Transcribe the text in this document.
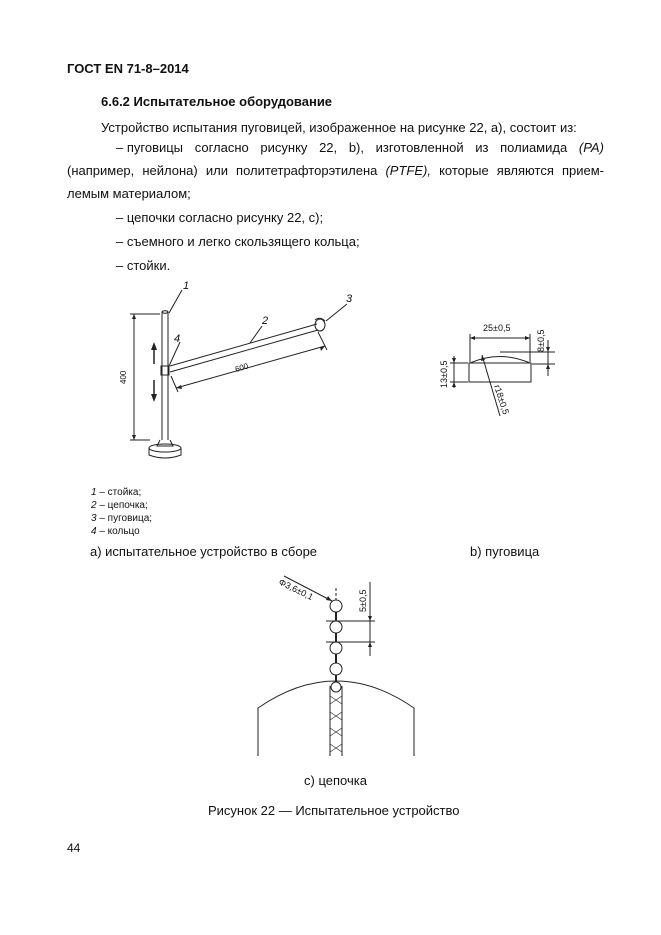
ГОСТ EN 71-8–2014
6.6.2 Испытательное оборудование
Устройство испытания пуговицей, изображенное на рисунке 22, а), состоит из:
– пуговицы согласно рисунку 22, b), изготовленной из полиамида (PA)
(например, нейлона) или политетрафторэтилена (PTFE), которые являются прием-
лемым материалом;
– цепочки согласно рисунку 22, с);
– съемного и легко скользящего кольца;
– стойки.
1
2
3
4
400
600
25±0,5
8±0,5
13±0,5
r18±0,5
1 – стойка;
2 – цепочка;
3 – пуговица;
4 – кольцо
а) испытательное устройство в сборе	b) пуговица
Φ3,6±0,1	5±0,5
с) цепочка
Рисунок 22 — Испытательное устройство
44
